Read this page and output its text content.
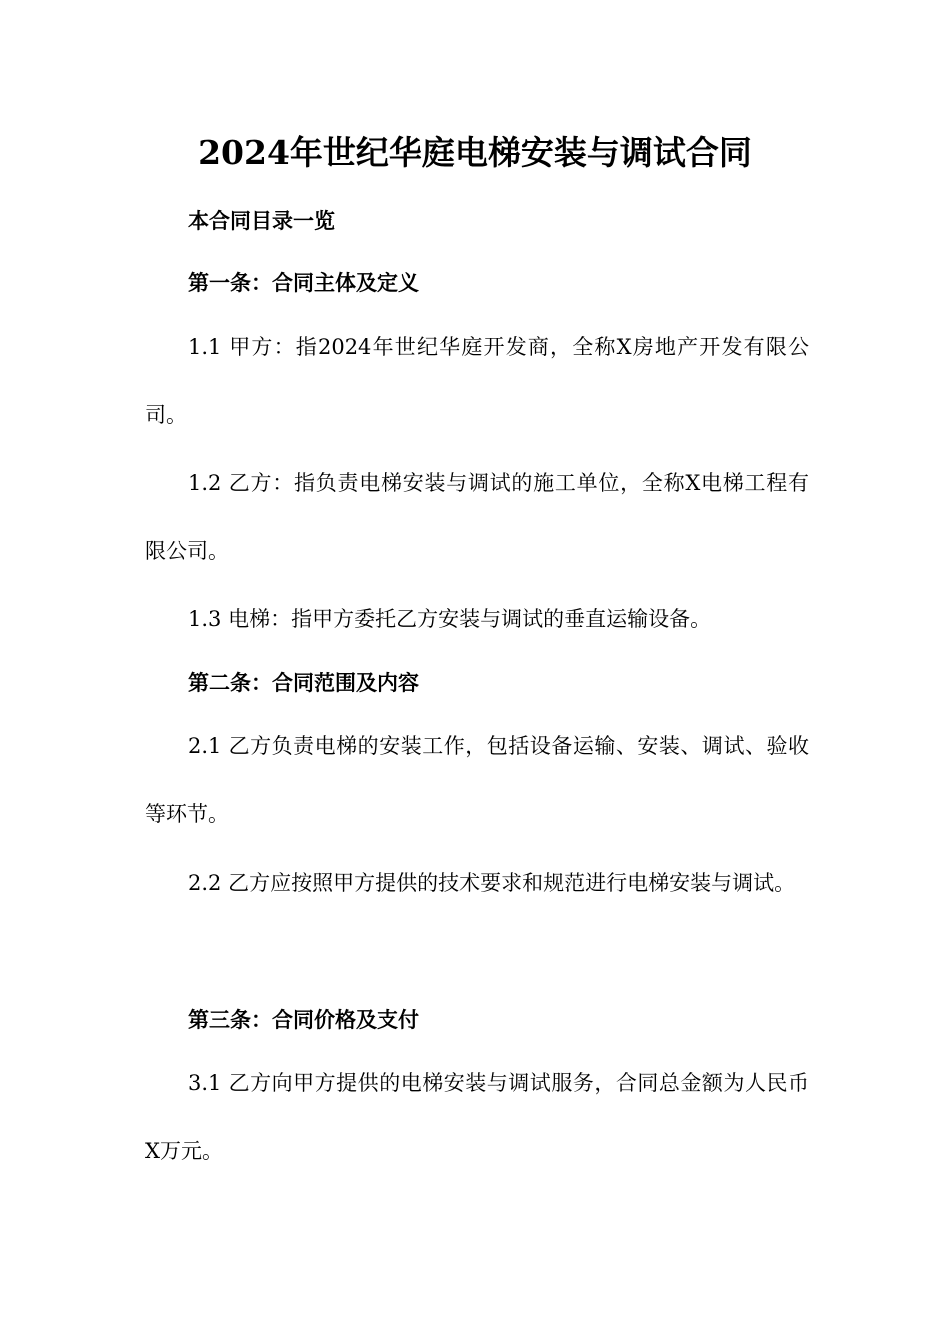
2024年世纪华庭电梯安装与调试合同
本合同目录一览
第一条：合同主体及定义
1.1 甲方：指2024年世纪华庭开发商，全称X房地产开发有限公司。
1.2 乙方：指负责电梯安装与调试的施工单位，全称X电梯工程有限公司。
1.3 电梯：指甲方委托乙方安装与调试的垂直运输设备。
第二条：合同范围及内容
2.1 乙方负责电梯的安装工作，包括设备运输、安装、调试、验收等环节。
2.2 乙方应按照甲方提供的技术要求和规范进行电梯安装与调试。
第三条：合同价格及支付
3.1 乙方向甲方提供的电梯安装与调试服务，合同总金额为人民币X万元。
